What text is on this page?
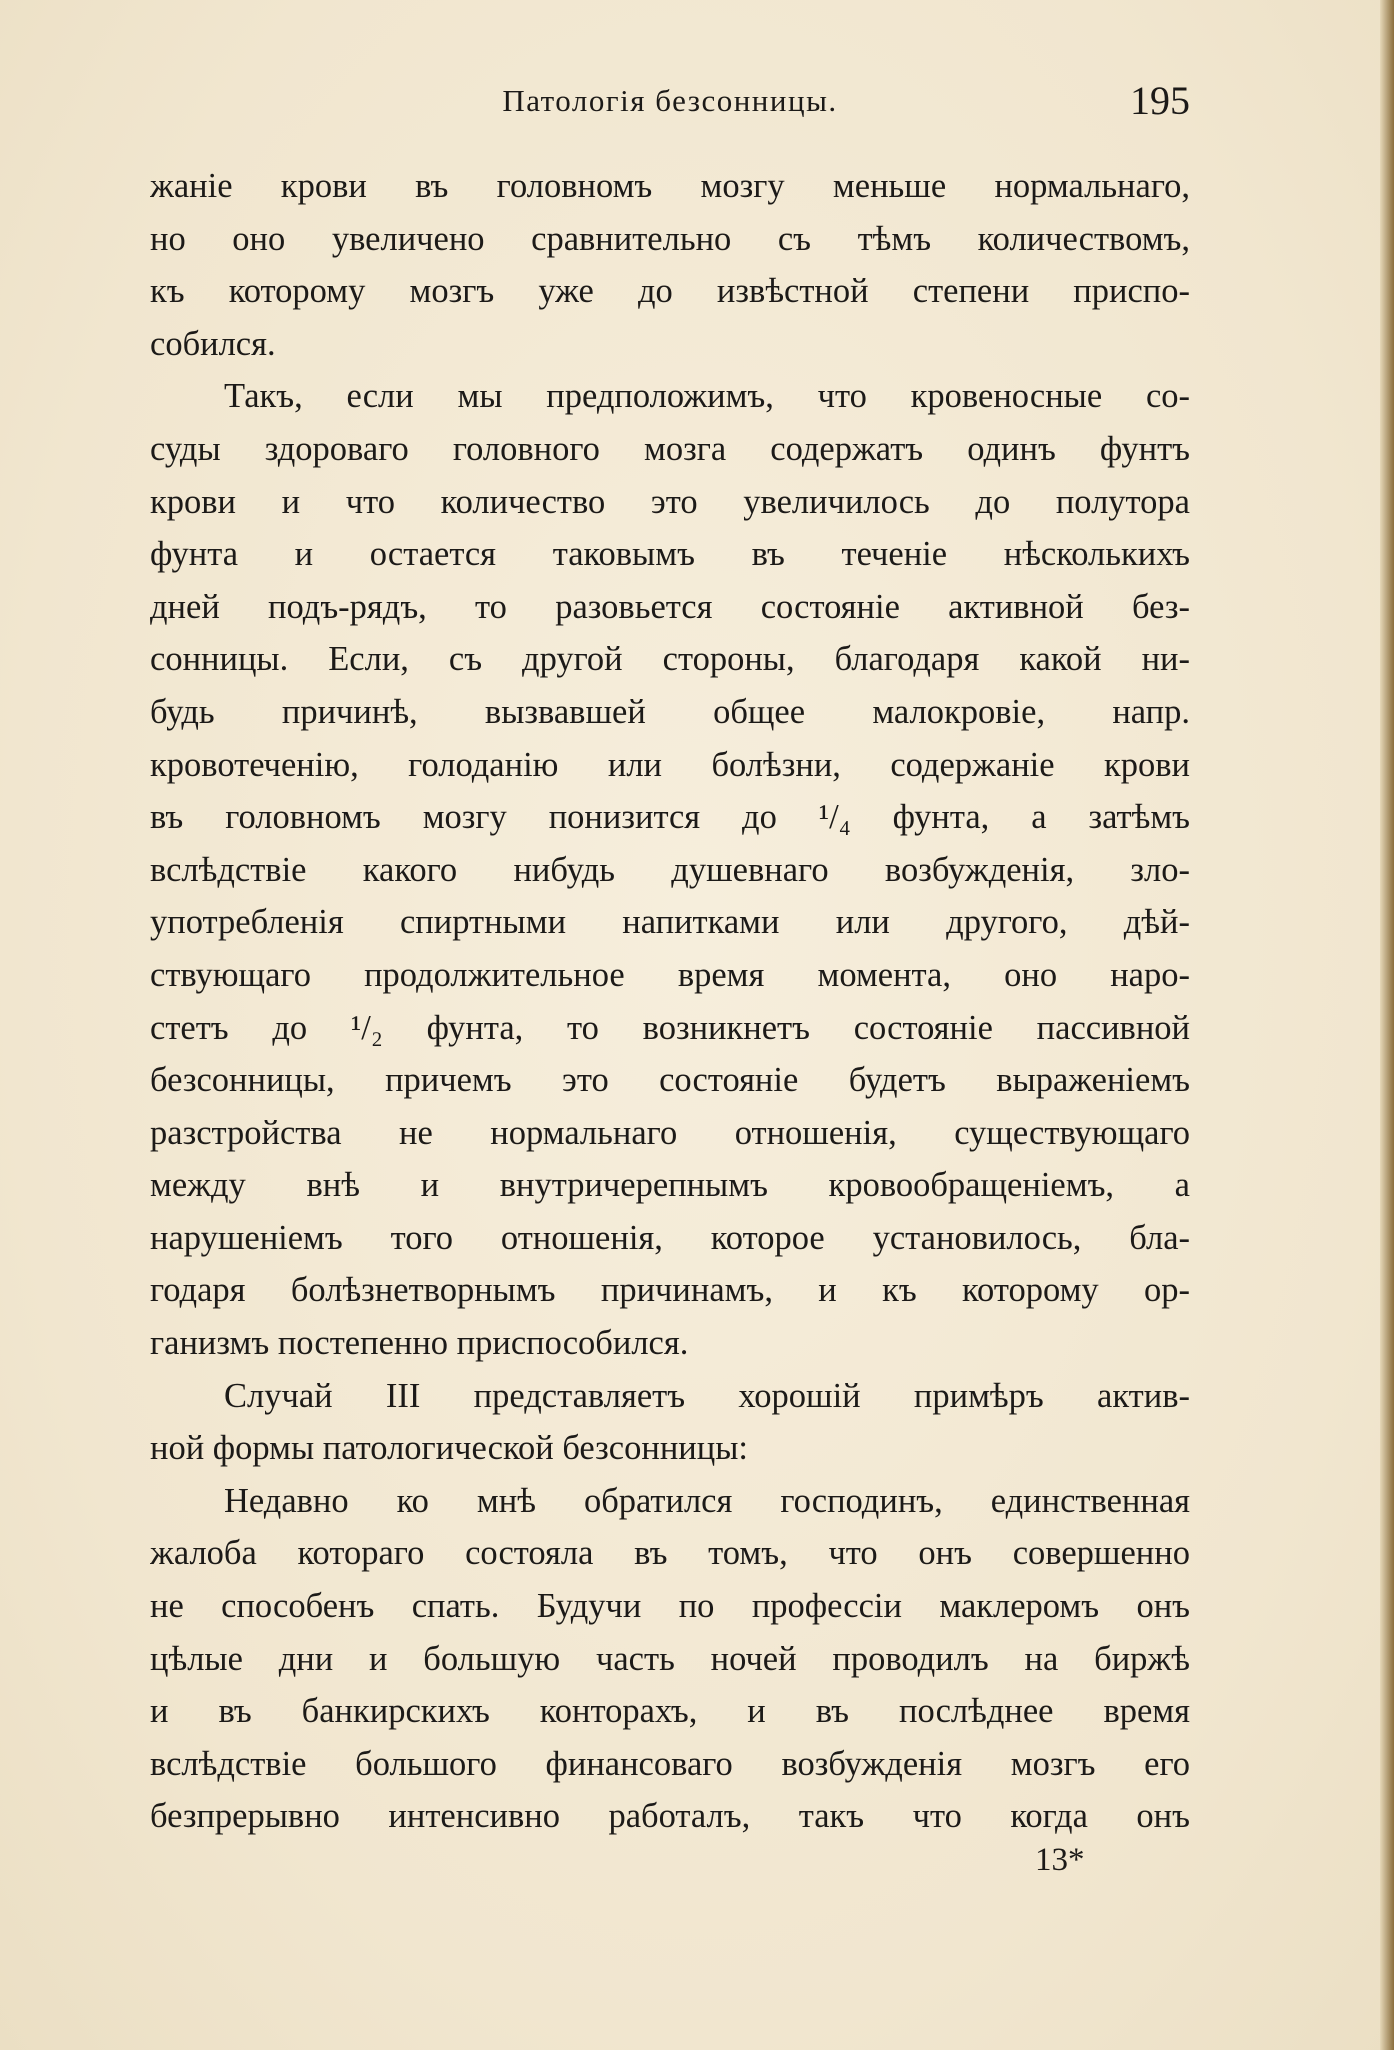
Патологія безсонницы.	195
жаніе крови въ головномъ мозгу меньше нормальнаго,
но оно увеличено сравнительно съ тѣмъ количествомъ,
къ которому мозгъ уже до извѣстной степени приспо-
собился.
Такъ, если мы предположимъ, что кровеносные со-
суды здороваго головного мозга содержатъ одинъ фунтъ
крови и что количество это увеличилось до полутора
фунта и остается таковымъ въ теченіе нѣсколькихъ
дней подъ-рядъ, то разовьется состояніе активной без-
сонницы. Если, съ другой стороны, благодаря какой ни-
будь причинѣ, вызвавшей общее малокровіе, напр.
кровотеченію, голоданію или болѣзни, содержаніе крови
въ головномъ мозгу понизится до ¹/₄ фунта, а затѣмъ
вслѣдствіе какого нибудь душевнаго возбужденія, зло-
употребленія спиртными напитками или другого, дѣй-
ствующаго продолжительное время момента, оно наро-
стетъ до ¹/₂ фунта, то возникнетъ состояніе пассивной
безсонницы, причемъ это состояніе будетъ выраженіемъ
разстройства не нормальнаго отношенія, существующаго
между внѣ и внутричерепнымъ кровообращеніемъ, а
нарушеніемъ того отношенія, которое установилось, бла-
годаря болѣзнетворнымъ причинамъ, и къ которому ор-
ганизмъ постепенно приспособился.
Случай III представляетъ хорошій примѣръ актив-
ной формы патологической безсонницы:
Недавно ко мнѣ обратился господинъ, единственная
жалоба котораго состояла въ томъ, что онъ совершенно
не способенъ спать. Будучи по профессіи маклеромъ онъ
цѣлые дни и большую часть ночей проводилъ на биржѣ
и въ банкирскихъ конторахъ, и въ послѣднее время
вслѣдствіе большого финансоваго возбужденія мозгъ его
безпрерывно интенсивно работалъ, такъ что когда онъ
13*
